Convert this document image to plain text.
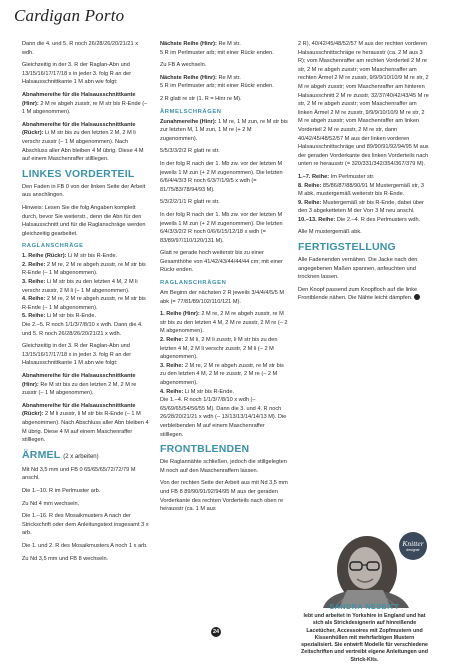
Cardigan Porto

Dann die 4. und 5. R noch 26/28/26/20/21/21 x wdh.

Gleichzeitig in der 3. R der Raglan-Abn und 13/15/16/17/17/18 x in jeder 3. folg R an der Halsausschnittkante 1 M abn wie folgt:

Abnahmereihe für die Halsausschnittkante (Hinr): 2 M re abgeh zusstr, re M str bis R-Ende (– 1 M abgenommen).

Abnahmereihe für die Halsausschnittkante (Rückr): Li M str bis zu den letzten 2 M, 2 M li verschr zusstr (– 1 M abgenommen). Nach Abschluss aller Abn bleiben 4 M übrig. Diese 4 M auf einem Maschenraffer stilllegen.

LINKES VORDERTEIL

Den Faden in FB 0 von der linken Seite der Arbeit aus anschlingen.

Hinweis: Lesen Sie die folg Angaben komplett durch, bevor Sie weiterstr., denn die Abn für den Halsausschnitt und für die Raglanschräge werden gleichzeitig gearbeitet.

RAGLANSCHRÄGE

1. Reihe (Rückr): Li M str bis R-Ende.

2. Reihe: 2 M re, 2 M re abgeh zusstr, re M str bis R-Ende (– 1 M abgenommen).

3. Reihe: Li M str bis zu den letzten 4 M, 2 M li verschr zusstr, 2 M li (– 1 M abgenommen).

4. Reihe: 2 M re, 2 M re abgeh zusstr, re M str bis R-Ende (– 1 M abgenommen).

5. Reihe: Li M str bis R-Ende.

Die 2.–5. R noch 1/1/3/7/8/10 x wdh. Dann die 4. und 5. R noch 26/28/26/20/21/21 x wdh.

Gleichzeitig in der 3. R der Raglan-Abn und 13/15/16/17/17/18 x in jeder 3. folg R an der Halsausschnittkante 1 M abn wie folgt:

Abnahmereihe für die Halsausschnittkante (Hinr): Re M str bis zu den letzten 2 M, 2 M re zusstr (– 1 M abgenommen).

Abnahmereihe für die Halsausschnittkante (Rückr): 2 M li zusstr, li M str bis R-Ende (– 1 M abgenommen). Nach Abschluss aller Abn bleiben 4 M übrig. Diese 4 M auf einem Maschenraffer stilllegen.

ÄRMEL (2 x arbeiten)

Mit Nd 3,5 mm und FB 0 65/65/65/72/72/79 M anschl.

Die 1.–10. R im Perlmuster arb.

Zu Nd 4 mm wechseln.

Die 1.–16. R des Mosaikmusters A nach der Strickschrift oder dem Anleitungstext insgesamt 3 x arb.

Die 1. und 2. R des Mosaikmusters A noch 1 x arb.

Zu Nd 3,5 mm und FB 8 wechseln.

Nächste Reihe (Hinr): Re M str.

5 R im Perlmuster arb; mit einer Rückr enden.

Zu FB A wechseln.

Nächste Reihe (Hinr): Re M str.

5 R im Perlmuster arb; mit einer Rückr enden.

2 R glatt re str (1. R = Hinr re M).

ÄRMELSCHRÄGEN

Zunahmereihe (Hinr): 1 M re, 1 M zun, re M str bis zur letzten M, 1 M zun, 1 M re (+ 2 M zugenommen).

5/5/3/3/2/2 R glatt re str.

In der folg R nach der 1. Mb zw. vor der letzten M jeweils 1 M zun (+ 2 M zugenommen). Die letzten 6/6/4/4/3/3 R noch 6/3/7/1/9/5 x wdh (= 81/75/83/78/94/93 M).

5/3/2/2/1/1 R glatt re str.

In der folg R nach der 1. Mb zw. vor der letzten M jeweils 1 M zun (+ 2 M zugenommen). Die letzten 6/4/3/3/2/2 R noch 0/6/6/15/12/18 x wdh (= 83/89/97/110/120/131 M).

Glatt re gerade hoch weiterstr bis zu einer Gesamthöhe von 41/42/43/44/44/44 cm; mit einer Rückr enden.

RAGLANSCHRÄGEN

Am Beginn der nächsten 2 R jeweils 3/4/4/4/5/5 M abk (= 77/81/89/102/110/121 M).

1. Reihe (Hinr): 2 M re, 2 M re abgeh zusstr, re M str bis zu den letzten 4 M, 2 M re zusstr, 2 M re (– 2 M abgenommen).

2. Reihe: 2 M li, 2 M li zusstr, li M str bis zu den letzten 4 M, 2 M li verschr zusstr, 2 M li (– 2 M abgenommen).

3. Reihe: 2 M re, 2 M re abgeh zusstr, re M str bis zu den letzten 4 M, 2 M re zusstr, 2 M re (– 2 M abgenommen).

4. Reihe: Li M str bis R-Ende.

Die 1.–4. R noch 1/1/3/7/8/10 x wdh (– 65/69/65/54/56/55 M). Dann die 3. und 4. R noch 26/28/20/21/21 x wdh (– 13/13/13/14/14/13 M). Die verbleibenden M auf einem Maschenraffer stilllegen.

FRONTBLENDEN

Die Raglannähte schließen, jedoch die stillgelegten M noch auf den Maschenraffern lassen.

Von der rechten Seite der Arbeit aus mit Nd 3,5 mm und FB 8 89/90/91/92/94/95 M aus der geraden Vorderkante des rechten Vorderteils nach oben re herausstr (ca. 1 M aus

2 R), 40/42/45/48/52/57 M aus der rechten vorderen Halsausschnittschräge re herausstr (ca. 2 M aus 3 R); vom Maschenraffer am rechten Vorderteil 2 M re str, 2 M re abgeh zusstr; vom Maschenraffer am rechten Ärmel 2 M re zusstr, 9/9/9/10/10/9 M re str, 2 M re abgeh zusstr; vom Maschenraffer am hinteren Halsausschnitt 2 M re zusstr, 32/37/40/42/43/45 M re str, 2 M re abgeh zusstr; vom Maschenraffer am linken Ärmel 2 M re zusstr, 9/9/9/10/10/9 M re str, 2 M re abgeh zusstr; vom Maschenraffer am linken Vorderteil 2 M re zusstr, 2 M re str, dann 40/42/45/48/52/57 M aus der linken vorderen Halsausschnittschräge und 89/90/91/92/94/95 M aus der geraden Vorderkante des linken Vorderteils nach unten re herausstr (= 320/331/342/354/367/379 M).

1.–7. Reihe: Im Perlmuster str.

8. Reihe: 85/86/87/88/90/91 M Mustergemäß str, 3 M abk, mustergemäß weiterstr bis R-Ende.

9. Reihe: Mustergemäß str bis R-Ende, dabei über den 3 abgeketteten M der Vorr 3 M neu anschl.

10.–13. Reihe: Die 2.–4. R des Perlmusters wdh.

Alle M mustergemäß abk.

FERTIGSTELLUNG

Alle Fadenenden vernähen. Die Jacke nach den angegebenen Maßen spannen, anfeuchten und trocknen lassen.

Den Knopf passend zum Knopfloch auf die linke Frontblende nähen. Die Nähte leicht dämpfen.

Knitter
designer
SANDRA NESBITT
lebt und arbeitet in Yorkshire in England und hat sich als Strickdesignerin auf hinreißende Lacetücher, Accessoires mit Zopfmustern und Kissenhüllen mit mehrfarbigen Mustern spezialisiert. Sie entwirft Modelle für verschiedene Zeitschriften und vertreibt eigene Anleitungen und Strick-Kits.
24
